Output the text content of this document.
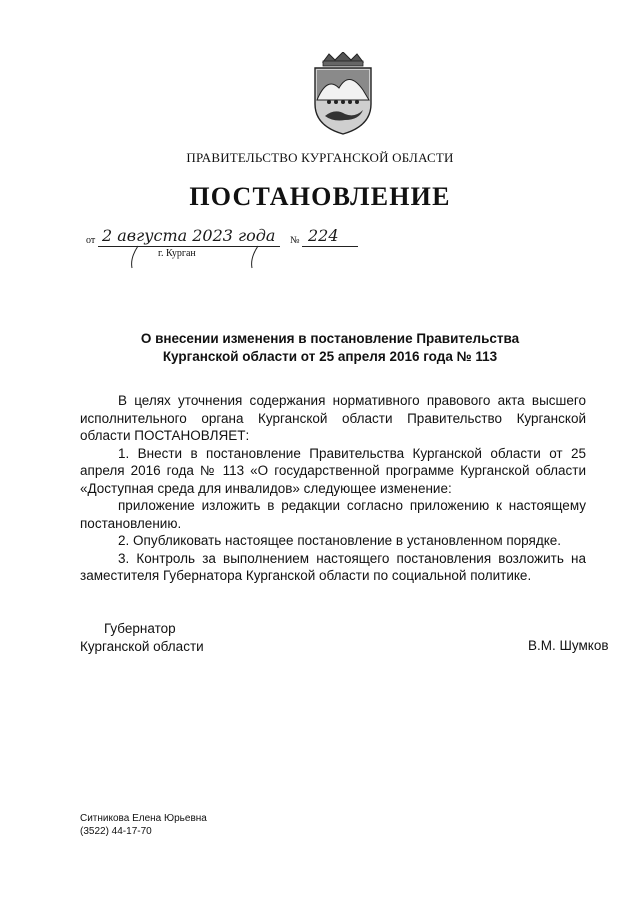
ПРАВИТЕЛЬСТВО КУРГАНСКОЙ ОБЛАСТИ
ПОСТАНОВЛЕНИЕ
от 2 августа 2023 года № 224
г. Курган
О внесении изменения в постановление Правительства
Курганской области от 25 апреля 2016 года № 113

В целях уточнения содержания нормативного правового акта высшего исполнительного органа Курганской области Правительство Курганской области ПОСТАНОВЛЯЕТ:

1. Внести в постановление Правительства Курганской области от 25 апреля 2016 года № 113 «О государственной программе Курганской области «Доступная среда для инвалидов» следующее изменение:

приложение изложить в редакции согласно приложению к настоящему постановлению.

2. Опубликовать настоящее постановление в установленном порядке.

3. Контроль за выполнением настоящего постановления возложить на заместителя Губернатора Курганской области по социальной политике.

Губернатор
Курганской области	В.М. Шумков
Ситникова Елена Юрьевна
(3522) 44-17-70
